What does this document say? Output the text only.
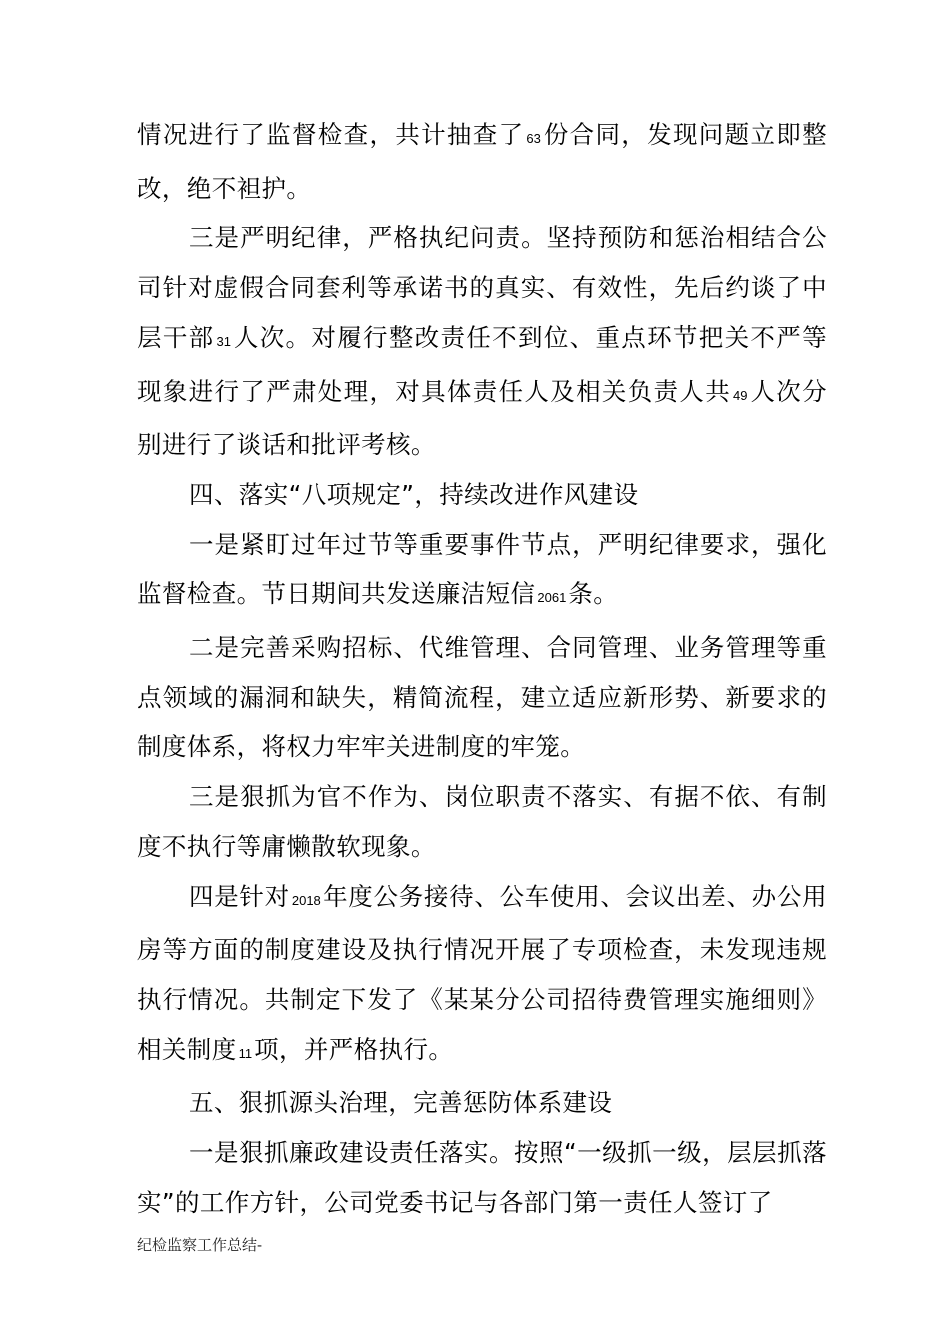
情况进行了监督检查，共计抽查了 63份合同，发现问题立即整改，绝不袒护。

三是严明纪律，严格执纪问责。坚持预防和惩治相结合公司针对虚假合同套利等承诺书的真实、有效性，先后约谈了中层干部 31人次。对履行整改责任不到位、重点环节把关不严等现象进行了严肃处理，对具体责任人及相关负责人共 49人次分别进行了谈话和批评考核。

四、落实“八项规定”，持续改进作风建设

一是紧盯过年过节等重要事件节点，严明纪律要求，强化监督检查。节日期间共发送廉洁短信 2061条。

二是完善采购招标、代维管理、合同管理、业务管理等重点领域的漏洞和缺失，精简流程，建立适应新形势、新要求的制度体系，将权力牢牢关进制度的牢笼。

三是狠抓为官不作为、岗位职责不落实、有据不依、有制度不执行等庸懒散软现象。

四是针对 2018年度公务接待、公车使用、会议出差、办公用房等方面的制度建设及执行情况开展了专项检查，未发现违规执行情况。共制定下发了《某某分公司招待费管理实施细则》相关制度 11项，并严格执行。

五、狠抓源头治理，完善惩防体系建设

一是狠抓廉政建设责任落实。按照“一级抓一级，层层抓落实”的工作方针，公司党委书记与各部门第一责任人签订了

纪检监察工作总结-
